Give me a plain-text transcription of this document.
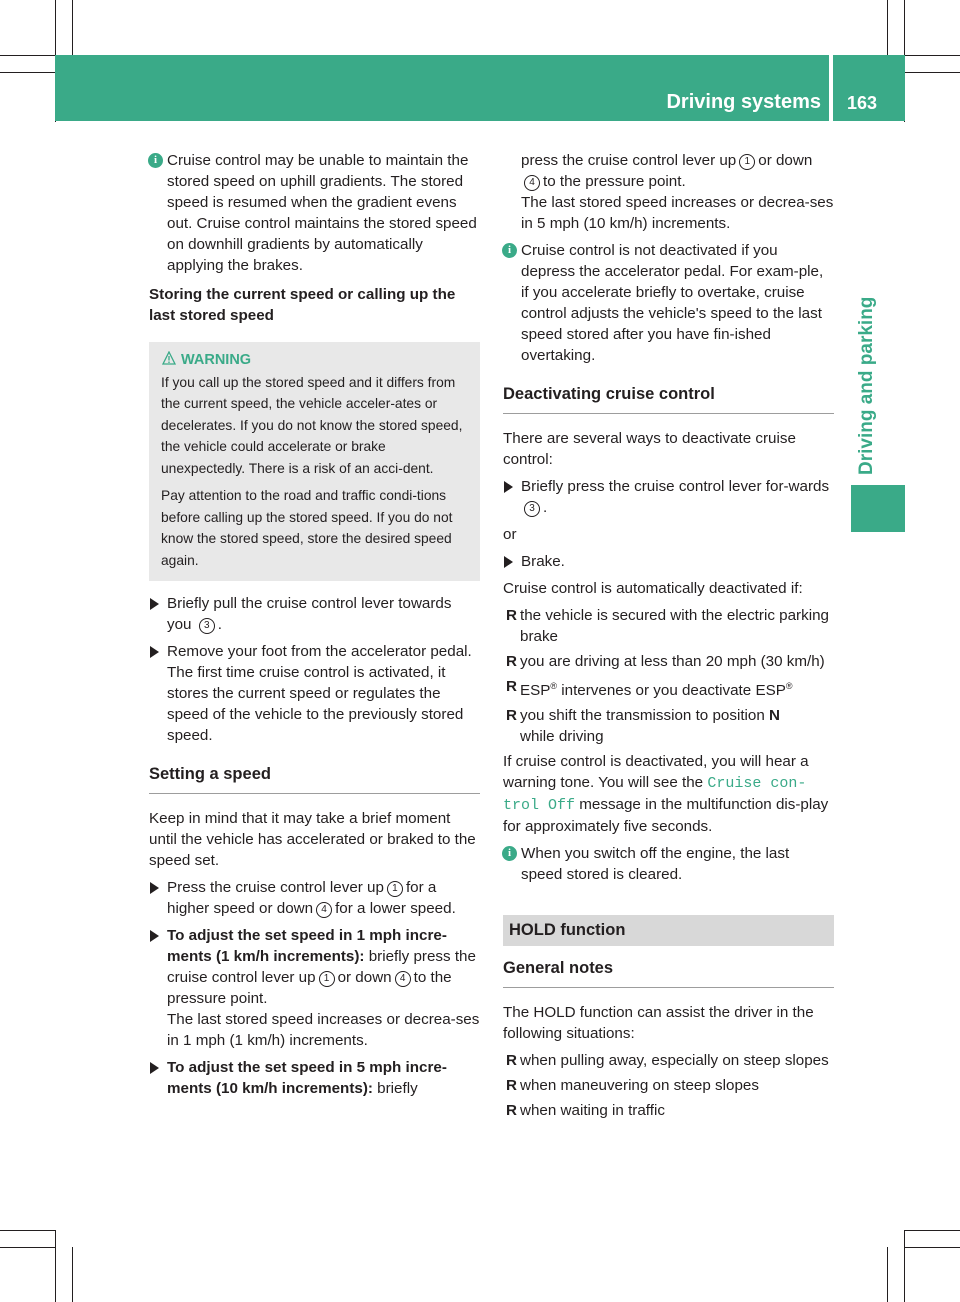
Driving systems 163
Driving and parking
i Cruise control may be unable to maintain the stored speed on uphill gradients. The stored speed is resumed when the gradient evens out. Cruise control maintains the stored speed on downhill gradients by automatically applying the brakes.
Storing the current speed or calling up the last stored speed
WARNING

If you call up the stored speed and it differs from the current speed, the vehicle acceler-ates or decelerates. If you do not know the stored speed, the vehicle could accelerate or brake unexpectedly. There is a risk of an acci-dent.

Pay attention to the road and traffic condi-tions before calling up the stored speed. If you do not know the stored speed, store the desired speed again.

Briefly pull the cruise control lever towards you 3 .
Remove your foot from the accelerator pedal.
The first time cruise control is activated, it stores the current speed or regulates the speed of the vehicle to the previously stored speed.
Setting a speed
Keep in mind that it may take a brief moment until the vehicle has accelerated or braked to the speed set.
Press the cruise control lever up 1 for a higher speed or down 4 for a lower speed.
To adjust the set speed in 1 mph incre-ments (1 km/h increments): briefly press the cruise control lever up 1 or down 4 to the pressure point.
The last stored speed increases or decrea-ses in 1 mph (1 km/h) increments.
To adjust the set speed in 5 mph incre-ments (10 km/h increments): briefly
press the cruise control lever up 1 or down4 to the pressure point.
The last stored speed increases or decrea-ses in 5 mph (10 km/h) increments.
i Cruise control is not deactivated if you depress the accelerator pedal. For exam-ple, if you accelerate briefly to overtake, cruise control adjusts the vehicle's speed to the last speed stored after you have fin-ished overtaking.
Deactivating cruise control
There are several ways to deactivate cruise control:
Briefly press the cruise control lever for-wards 3 .
or
Brake.
Cruise control is automatically deactivated if:
R the vehicle is secured with the electric parking brake
R you are driving at less than 20 mph (30 km/h)
R ESP® intervenes or you deactivate ESP®
R you shift the transmission to position N
while driving
If cruise control is deactivated, you will hear a warning tone. You will see the Cruise con-trol Off message in the multifunction dis-play for approximately five seconds.
i When you switch off the engine, the last speed stored is cleared.
HOLD function
General notes
The HOLD function can assist the driver in the following situations:
R when pulling away, especially on steep slopes
R when maneuvering on steep slopes
R when waiting in traffic
